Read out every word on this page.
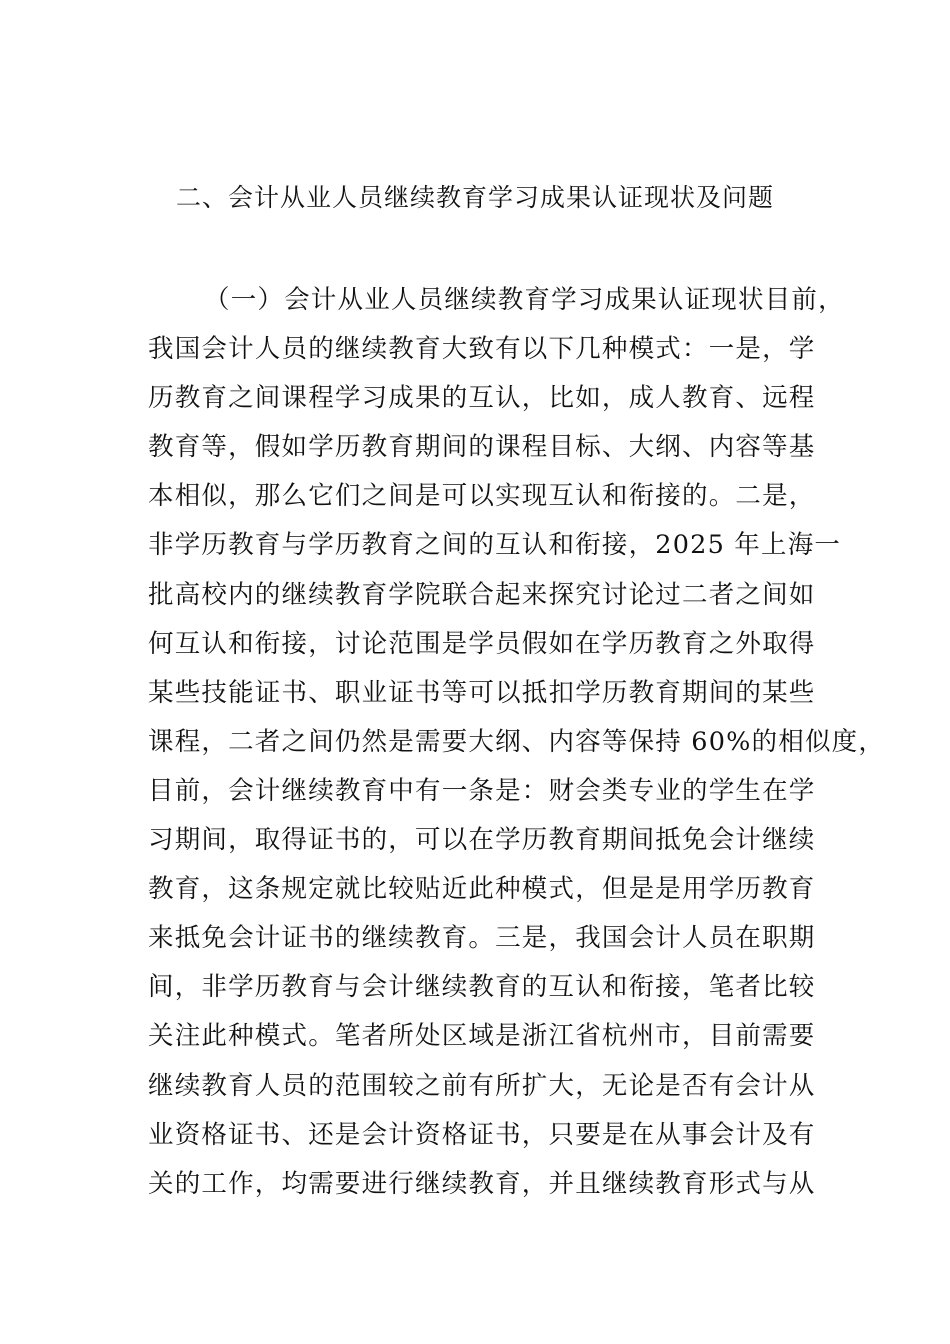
二、会计从业人员继续教育学习成果认证现状及问题
（一）会计从业人员继续教育学习成果认证现状目前，
我国会计人员的继续教育大致有以下几种模式：一是，学
历教育之间课程学习成果的互认，比如，成人教育、远程
教育等，假如学历教育期间的课程目标、大纲、内容等基
本相似，那么它们之间是可以实现互认和衔接的。二是，
非学历教育与学历教育之间的互认和衔接，2025 年上海一
批高校内的继续教育学院联合起来探究讨论过二者之间如
何互认和衔接，讨论范围是学员假如在学历教育之外取得
某些技能证书、职业证书等可以抵扣学历教育期间的某些
课程，二者之间仍然是需要大纲、内容等保持 60%的相似度，
目前，会计继续教育中有一条是：财会类专业的学生在学
习期间，取得证书的，可以在学历教育期间抵免会计继续
教育，这条规定就比较贴近此种模式，但是是用学历教育
来抵免会计证书的继续教育。三是，我国会计人员在职期
间，非学历教育与会计继续教育的互认和衔接，笔者比较
关注此种模式。笔者所处区域是浙江省杭州市，目前需要
继续教育人员的范围较之前有所扩大，无论是否有会计从
业资格证书、还是会计资格证书，只要是在从事会计及有
关的工作，均需要进行继续教育，并且继续教育形式与从
